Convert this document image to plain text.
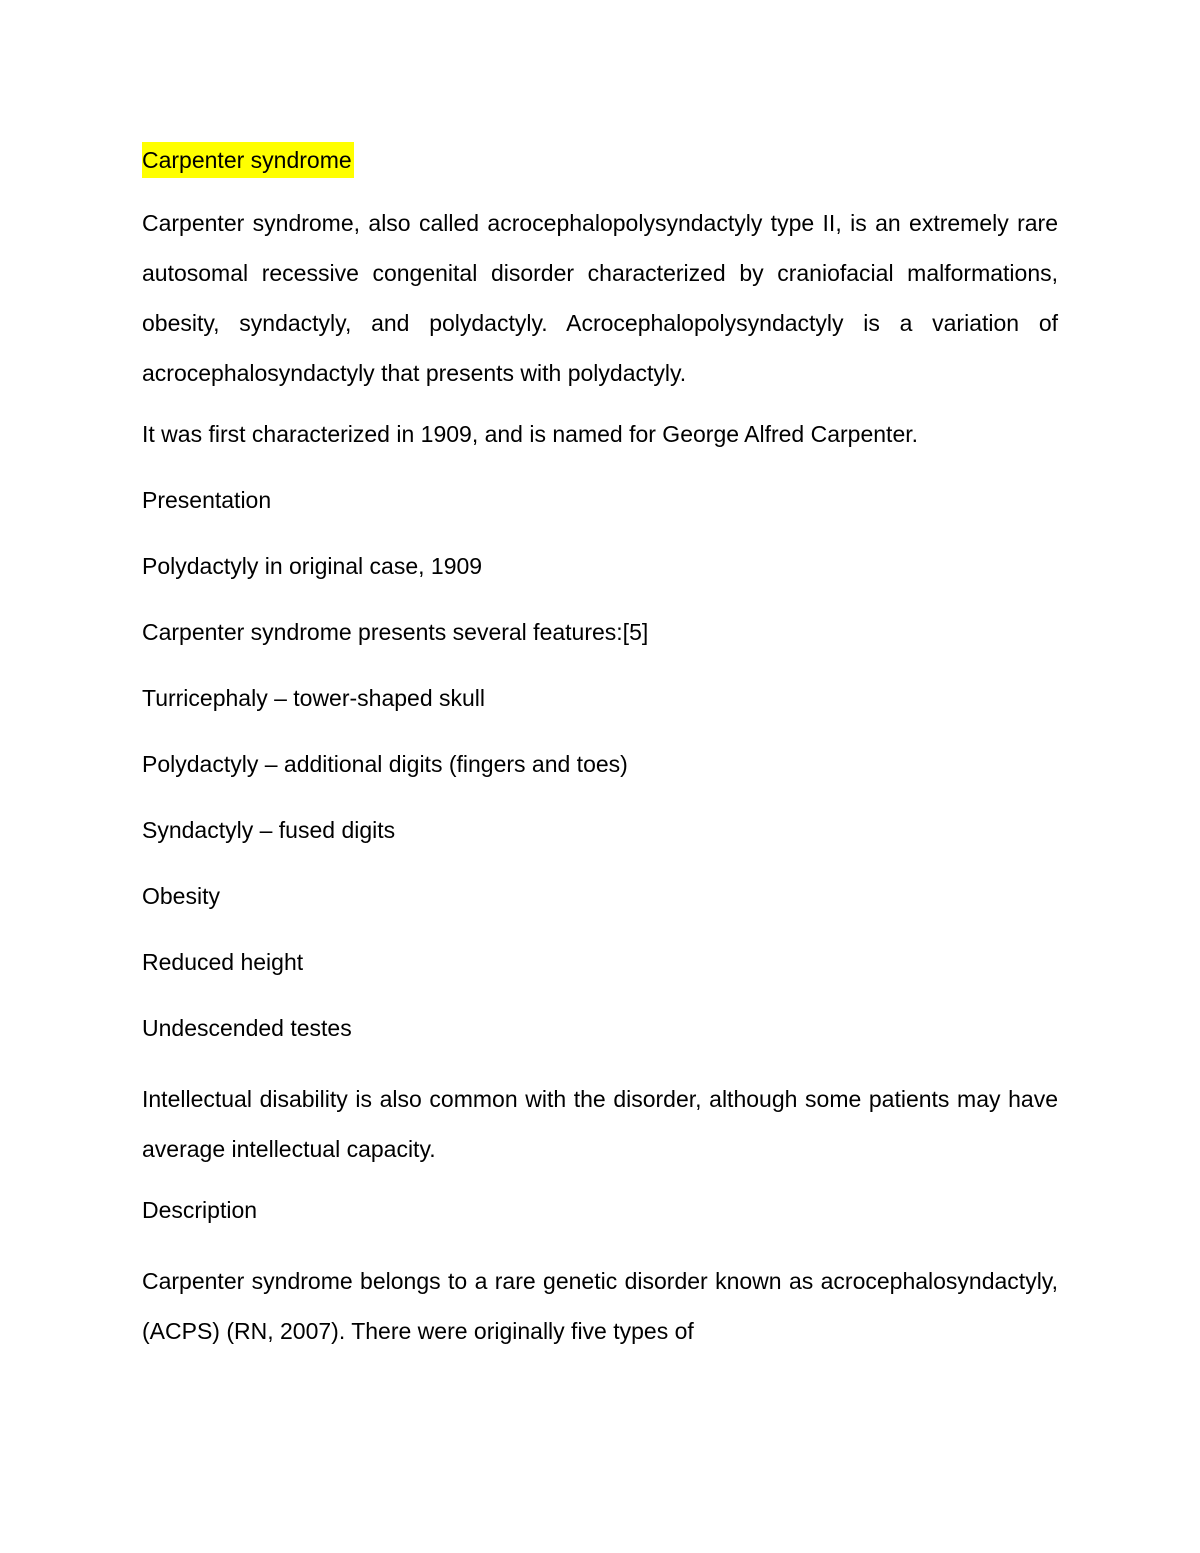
Carpenter syndrome

Carpenter syndrome, also called acrocephalopolysyndactyly type II, is an extremely rare autosomal recessive congenital disorder characterized by craniofacial malformations, obesity, syndactyly, and polydactyly. Acrocephalopolysyndactyly is a variation of acrocephalosyndactyly that presents with polydactyly.

It was first characterized in 1909, and is named for George Alfred Carpenter.

Presentation

Polydactyly in original case, 1909

Carpenter syndrome presents several features:[5]

Turricephaly – tower-shaped skull

Polydactyly – additional digits (fingers and toes)

Syndactyly – fused digits

Obesity

Reduced height

Undescended testes

Intellectual disability is also common with the disorder, although some patients may have average intellectual capacity.

Description

Carpenter syndrome belongs to a rare genetic disorder known as acrocephalosyndactyly, (ACPS) (RN, 2007). There were originally five types of
